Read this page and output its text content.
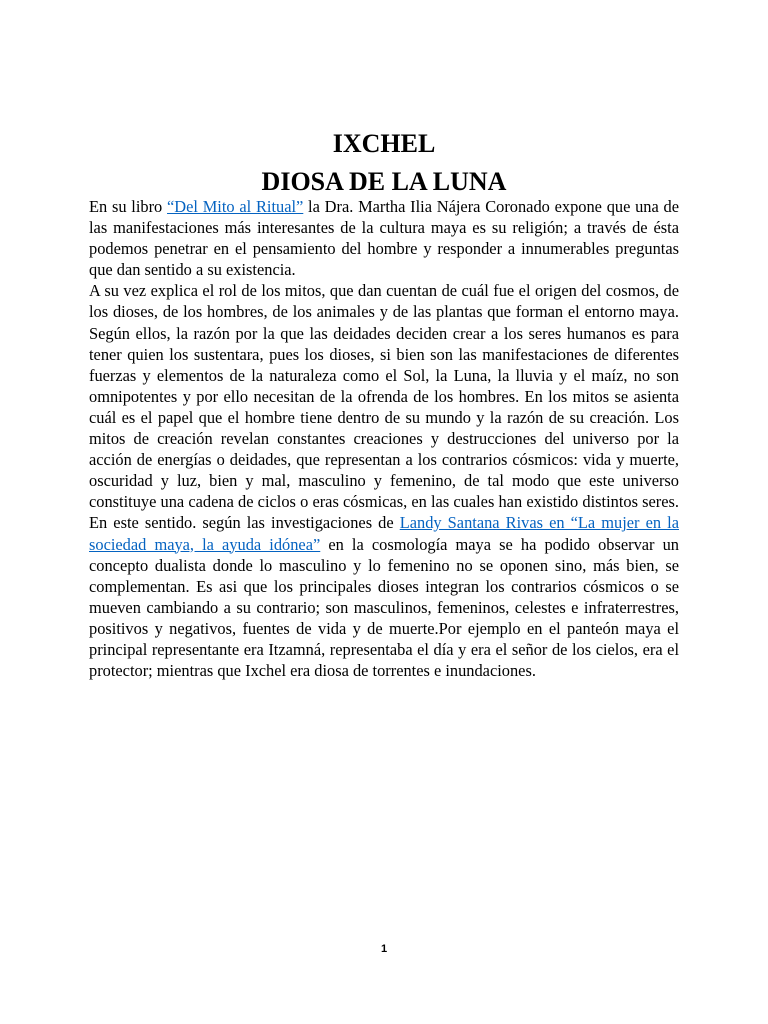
IXCHEL
DIOSA DE LA LUNA

En su libro “Del Mito al Ritual” la Dra. Martha Ilia Nájera Coronado expone que una de las manifestaciones más interesantes de la cultura maya es su religión; a través de ésta podemos penetrar en el pensamiento del hombre y responder a innumerables preguntas que dan sentido a su existencia.

A su vez explica el rol de los mitos, que dan cuentan de cuál fue el origen del cosmos, de los dioses, de los hombres, de los animales y de las plantas que forman el entorno maya. Según ellos, la razón por la que las deidades deciden crear a los seres humanos es para tener quien los sustentara, pues los dioses, si bien son las manifestaciones de diferentes fuerzas y elementos de la naturaleza como el Sol, la Luna, la lluvia y el maíz, no son omnipotentes y por ello necesitan de la ofrenda de los hombres. En los mitos se asienta cuál es el papel que el hombre tiene dentro de su mundo y la razón de su creación. Los mitos de creación revelan constantes creaciones y destrucciones del universo por la acción de energías o deidades, que representan a los contrarios cósmicos: vida y muerte, oscuridad y luz, bien y mal, masculino y femenino, de tal modo que este universo constituye una cadena de ciclos o eras cósmicas, en las cuales han existido distintos seres. En este sentido. según las investigaciones de Landy Santana Rivas en “La mujer en la sociedad maya, la ayuda idónea” en la cosmología maya se ha podido observar un concepto dualista donde lo masculino y lo femenino no se oponen sino, más bien, se complementan. Es asi que los principales dioses integran los contrarios cósmicos o se mueven cambiando a su contrario; son masculinos, femeninos, celestes e infraterrestres, positivos y negativos, fuentes de vida y de muerte.Por ejemplo en el panteón maya el principal representante era Itzamná, representaba el día y era el señor de los cielos, era el protector; mientras que Ixchel era diosa de torrentes e inundaciones.

1
